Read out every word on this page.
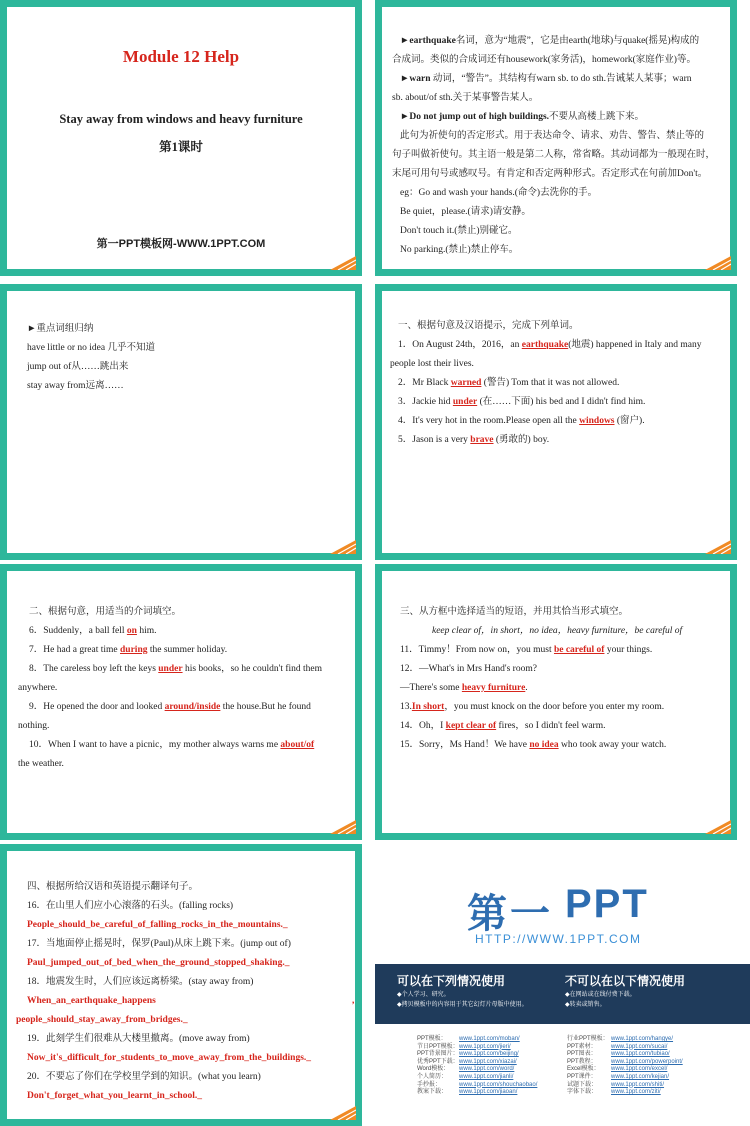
Module 12 Help
Stay away from windows and heavy furniture
第1课时
第一PPT模板网-WWW.1PPT.COM
►earthquake名词，意为“地震”，它是由earth(地球)与quake(摇晃)构成的
合成词。类似的合成词还有housework(家务活)，homework(家庭作业)等。
►warn 动词，“警告”。其结构有warn sb. to do sth.告诫某人某事；warn
sb. about/of sth.关于某事警告某人。
►Do not jump out of high buildings.不要从高楼上跳下来。
此句为祈使句的否定形式。用于表达命令、请求、劝告、警告、禁止等的
句子叫做祈使句。其主语一般是第二人称，常省略。其动词都为一般现在时，
末尾可用句号或感叹号。有肯定和否定两种形式。否定形式在句前加Don't。
eg：Go and wash your hands.(命令)去洗你的手。
Be quiet，please.(请求)请安静。
Don't touch it.(禁止)别碰它。
No parking.(禁止)禁止停车。
►重点词组归纳
have little or no idea 几乎不知道
jump out of从……跳出来
stay away from远离……
一、根据句意及汉语提示，完成下列单词。
1．On August 24th，2016，an earthquake(地震) happened in Italy and many
people lost their lives.
2．Mr Black warned (警告) Tom that it was not allowed.
3．Jackie hid under (在……下面) his bed and I didn't find him.
4．It's very hot in the room.Please open all the windows (窗户).
5．Jason is a very brave (勇敢的) boy.
二、根据句意，用适当的介词填空。
6．Suddenly，a ball fell on him.
7．He had a great time during the summer holiday.
8．The careless boy left the keys under his books，so he couldn't find them
anywhere.
9．He opened the door and looked around/inside the house.But he found
nothing.
10．When I want to have a picnic，my mother always warns me about/of
the weather.
三、从方框中选择适当的短语，并用其恰当形式填空。
keep clear of，in short，no idea，heavy furniture，be careful of
11．Timmy！From now on，you must be careful of your things.
12．—What's in Mrs Hand's room?
—There's some heavy furniture.
13.In short，you must knock on the door before you enter my room.
14．Oh，I kept clear of fires，so I didn't feel warm.
15．Sorry，Ms Hand！We have no idea who took away your watch.
四、根据所给汉语和英语提示翻译句子。
16．在山里人们应小心滚落的石头。(falling rocks)
People_should_be_careful_of_falling_rocks_in_the_mountains._
17．当地面停止摇晃时，保罗(Paul)从床上跳下来。(jump out of)
Paul_jumped_out_of_bed_when_the_ground_stopped_shaking._
18．地震发生时，人们应该远离桥梁。(stay away from)
When_an_earthquake_happens	,
people_should_stay_away_from_bridges._
19．此刻学生们很难从大楼里撤离。(move away from)
Now_it's_difficult_for_students_to_move_away_from_the_buildings._
20．不要忘了你们在学校里学到的知识。(what you learn)
Don't_forget_what_you_learnt_in_school._
第一 PPT
HTTP://WWW.1PPT.COM
可以在下列情况使用
◆个人学习、研究。
◆拷贝模板中的内容用于其它幻灯片母版中使用。
不可以在以下情况使用
◆在网站或在线付费下载。
◆转卖或销售。
PPT模板： www.1ppt.com/moban/
节日PPT模板：www.1ppt.com/jieri/
PPT背景图片：www.1ppt.com/beijing/
优秀PPT下载：www.1ppt.com/xiazai/
Word模板： www.1ppt.com/word/
个人简历： www.1ppt.com/jianli/
手抄报：	www.1ppt.com/shouchaobao/
教案下载： www.1ppt.com/jiaoan/
行业PPT模板： www.1ppt.com/hangye/
PPT素材： www.1ppt.com/sucai/
PPT图表： www.1ppt.com/tubiao/
PPT教程： www.1ppt.com/powerpoint/
Excel模板： www.1ppt.com/excel/
PPT课件： www.1ppt.com/kejian/
试题下载： www.1ppt.com/shiti/
字体下载： www.1ppt.com/ziti/
